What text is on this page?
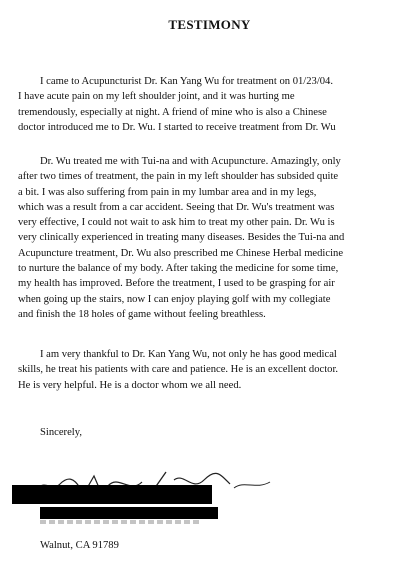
TESTIMONY

I came to Acupuncturist Dr. Kan Yang Wu for treatment on 01/23/04.
I have acute pain on my left shoulder joint, and it was hurting me
tremendously, especially at night. A friend of mine who is also a Chinese
doctor introduced me to Dr. Wu. I started to receive treatment from Dr. Wu

Dr. Wu treated me with Tui-na and with Acupuncture. Amazingly, only
after two times of treatment, the pain in my left shoulder has subsided quite
a bit. I was also suffering from pain in my lumbar area and in my legs,
which was a result from a car accident. Seeing that Dr. Wu's treatment was
very effective, I could not wait to ask him to treat my other pain. Dr. Wu is
very clinically experienced in treating many diseases. Besides the Tui-na and
Acupuncture treatment, Dr. Wu also prescribed me Chinese Herbal medicine
to nurture the balance of my body. After taking the medicine for some time,
my health has improved. Before the treatment, I used to be grasping for air
when going up the stairs, now I can enjoy playing golf with my collegiate
and finish the 18 holes of game without feeling breathless.

I am very thankful to Dr. Kan Yang Wu, not only he has good medical
skills, he treat his patients with care and patience. He is an excellent doctor.
He is very helpful. He is a doctor whom we all need.

Sincerely,
Walnut, CA 91789
